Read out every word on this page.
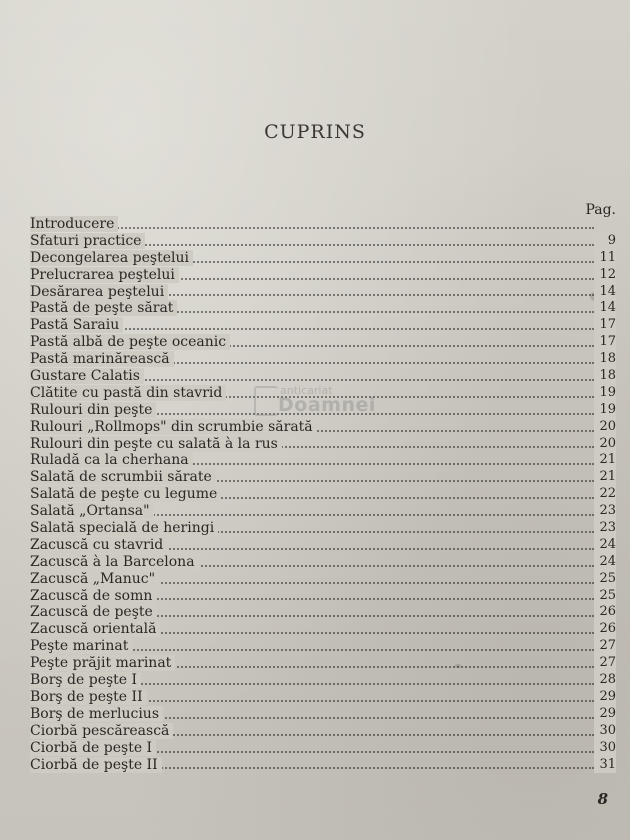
CUPRINS
Pag.
Introducere
Sfaturi practice	9
Decongelarea peştelui	11
Prelucrarea peştelui	12
Desărarea peştelui	14
Pastă de peşte sărat	14
Pastă Saraiu	17
Pastă albă de peşte oceanic	17
Pastă marinărească	18
Gustare Calatis	18
Clătite cu pastă din stavrid	19
Rulouri din peşte	19
Rulouri „Rollmops" din scrumbie sărată	20
Rulouri din peşte cu salată à la rus	20
Ruladă ca la cherhana	21
Salată de scrumbii sărate	21
Salată de peşte cu legume	22
Salată „Ortansa"	23
Salată specială de heringi	23
Zacuscă cu stavrid	24
Zacuscă à la Barcelona	24
Zacuscă „Manuc"	25
Zacuscă de somn	25
Zacuscă de peşte	26
Zacuscă orientală	26
Peşte marinat	27
Peşte prăjit marinat	27
Borş de peşte I	28
Borş de peşte II	29
Borş de merlucius	29
Ciorbă pescărească	30
Ciorbă de peşte I	30
Ciorbă de peşte II	31
anticariat
Doamnei
8
